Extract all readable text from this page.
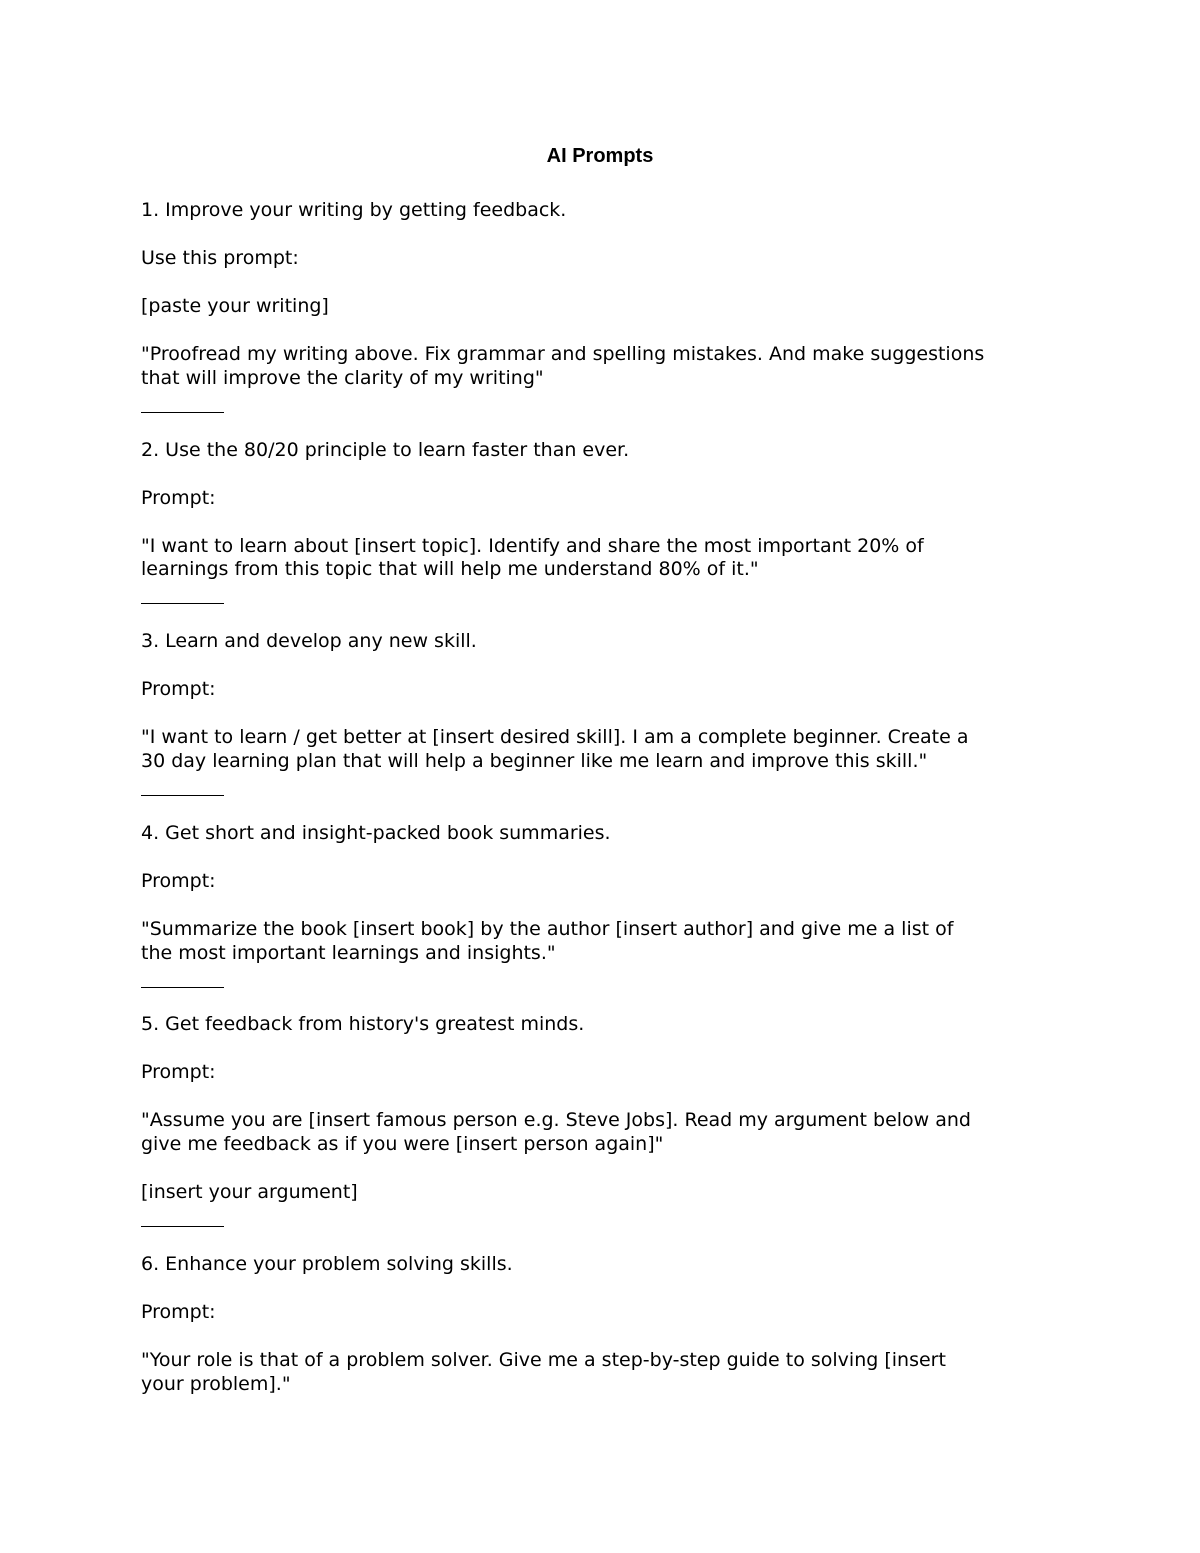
AI Prompts
1. Improve your writing by getting feedback.
Use this prompt:
[paste your writing]
"Proofread my writing above. Fix grammar and spelling mistakes. And make suggestions
that will improve the clarity of my writing"
2. Use the 80/20 principle to learn faster than ever.
Prompt:
"I want to learn about [insert topic]. Identify and share the most important 20% of
learnings from this topic that will help me understand 80% of it."
3. Learn and develop any new skill.
Prompt:
"I want to learn / get better at [insert desired skill]. I am a complete beginner. Create a
30 day learning plan that will help a beginner like me learn and improve this skill."
4. Get short and insight-packed book summaries.
Prompt:
"Summarize the book [insert book] by the author [insert author] and give me a list of
the most important learnings and insights."
5. Get feedback from history's greatest minds.
Prompt:
"Assume you are [insert famous person e.g. Steve Jobs]. Read my argument below and
give me feedback as if you were [insert person again]"
[insert your argument]
6. Enhance your problem solving skills.
Prompt:
"Your role is that of a problem solver. Give me a step-by-step guide to solving [insert
your problem]."
